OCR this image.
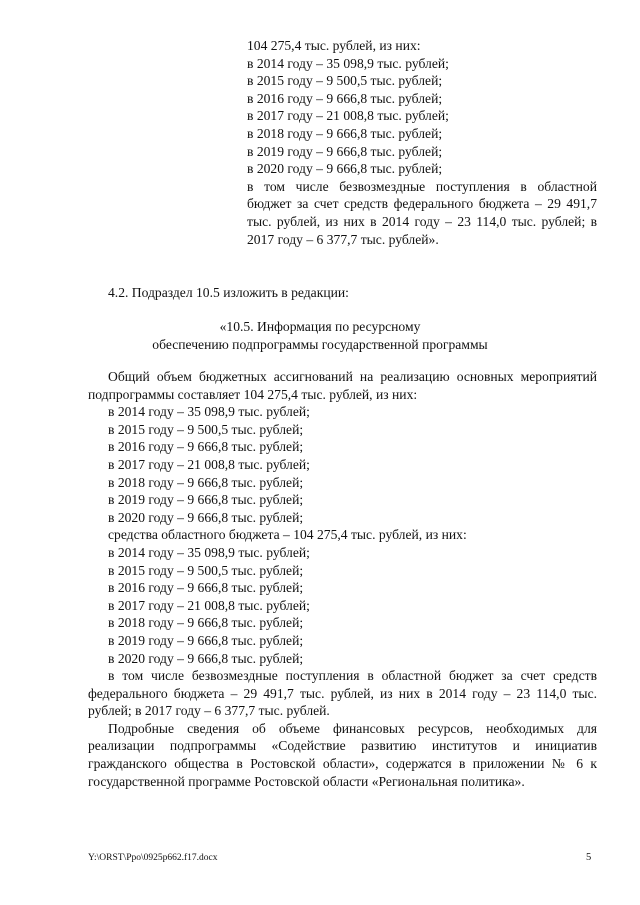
104 275,4 тыс. рублей, из них:
в 2014 году – 35 098,9 тыс. рублей;
в 2015 году – 9 500,5 тыс. рублей;
в 2016 году – 9 666,8 тыс. рублей;
в 2017 году – 21 008,8 тыс. рублей;
в 2018 году – 9 666,8 тыс. рублей;
в 2019 году – 9 666,8 тыс. рублей;
в 2020 году – 9 666,8 тыс. рублей;
в том числе безвозмездные поступления в областной бюджет за счет средств федерального бюджета – 29 491,7 тыс. рублей, из них в 2014 году – 23 114,0 тыс. рублей; в 2017 году – 6 377,7 тыс. рублей».
4.2. Подраздел 10.5 изложить в редакции:
«10.5. Информация по ресурсному
обеспечению подпрограммы государственной программы
Общий объем бюджетных ассигнований на реализацию основных мероприятий подпрограммы составляет 104 275,4 тыс. рублей, из них:
в 2014 году – 35 098,9 тыс. рублей;
в 2015 году – 9 500,5 тыс. рублей;
в 2016 году – 9 666,8 тыс. рублей;
в 2017 году – 21 008,8 тыс. рублей;
в 2018 году – 9 666,8 тыс. рублей;
в 2019 году – 9 666,8 тыс. рублей;
в 2020 году – 9 666,8 тыс. рублей;
средства областного бюджета – 104 275,4 тыс. рублей, из них:
в 2014 году – 35 098,9 тыс. рублей;
в 2015 году – 9 500,5 тыс. рублей;
в 2016 году – 9 666,8 тыс. рублей;
в 2017 году – 21 008,8 тыс. рублей;
в 2018 году – 9 666,8 тыс. рублей;
в 2019 году – 9 666,8 тыс. рублей;
в 2020 году – 9 666,8 тыс. рублей;
в том числе безвозмездные поступления в областной бюджет за счет средств федерального бюджета – 29 491,7 тыс. рублей, из них в 2014 году – 23 114,0 тыс. рублей; в 2017 году – 6 377,7 тыс. рублей.
Подробные сведения об объеме финансовых ресурсов, необходимых для реализации подпрограммы «Содействие развитию институтов и инициатив гражданского общества в Ростовской области», содержатся в приложении № 6 к государственной программе Ростовской области «Региональная политика».
Y:\ORST\Ppo\0925p662.f17.docx	5
